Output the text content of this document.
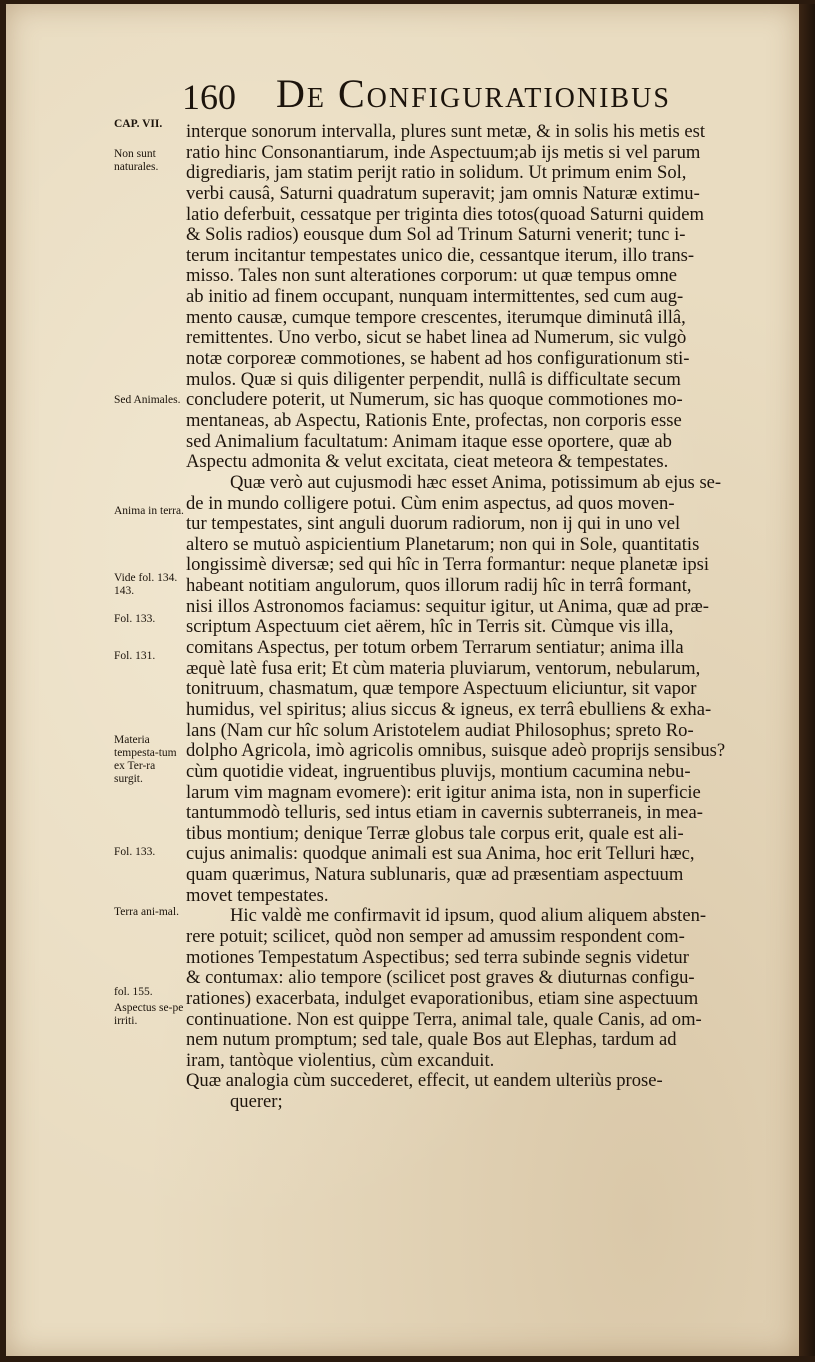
160 De Configurationibus
CAP. VII.
Non sunt naturales.
Sed Animales.
Anima in terra.
Vide fol. 134. 143.
Fol. 133.
Fol. 131.
Materia tempesta-tum ex Ter-ra surgit.
Fol. 133.
Terra ani-mal.
fol. 155.
Aspectus se-pe irriti.
interque sonorum intervalla, plures sunt metæ, & in solis his metis est
ratio hinc Consonantiarum, inde Aspectuum;ab ijs metis si vel parum
digrediaris, jam statim perijt ratio in solidum. Ut primum enim Sol,
verbi causâ, Saturni quadratum superavit; jam omnis Naturæ extimu-
latio deferbuit, cessatque per triginta dies totos(quoad Saturni quidem
& Solis radios) eousque dum Sol ad Trinum Saturni venerit; tunc i-
terum incitantur tempestates unico die, cessantque iterum, illo trans-
misso. Tales non sunt alterationes corporum: ut quæ tempus omne
ab initio ad finem occupant, nunquam intermittentes, sed cum aug-
mento causæ, cumque tempore crescentes, iterumque diminutâ illâ,
remittentes. Uno verbo, sicut se habet linea ad Numerum, sic vulgò
notæ corporeæ commotiones, se habent ad hos configurationum sti-
mulos. Quæ si quis diligenter perpendit, nullâ is difficultate secum
concludere poterit, ut Numerum, sic has quoque commotiones mo-
mentaneas, ab Aspectu, Rationis Ente, profectas, non corporis esse
sed Animalium facultatum: Animam itaque esse oportere, quæ ab
Aspectu admonita & velut excitata, cieat meteora & tempestates.
Quæ verò aut cujusmodi hæc esset Anima, potissimum ab ejus se-
de in mundo colligere potui. Cùm enim aspectus, ad quos moven-
tur tempestates, sint anguli duorum radiorum, non ij qui in uno vel
altero se mutuò aspicientium Planetarum; non qui in Sole, quantitatis
longissimè diversæ; sed qui hîc in Terra formantur: neque planetæ ipsi
habeant notitiam angulorum, quos illorum radij hîc in terrâ formant,
nisi illos Astronomos faciamus: sequitur igitur, ut Anima, quæ ad præ-
scriptum Aspectuum ciet aërem, hîc in Terris sit. Cùmque vis illa,
comitans Aspectus, per totum orbem Terrarum sentiatur; anima illa
æquè latè fusa erit; Et cùm materia pluviarum, ventorum, nebularum,
tonitruum, chasmatum, quæ tempore Aspectuum eliciuntur, sit vapor
humidus, vel spiritus; alius siccus & igneus, ex terrâ ebulliens & exha-
lans (Nam cur hîc solum Aristotelem audiat Philosophus; spreto Ro-
dolpho Agricola, imò agricolis omnibus, suisque adeò proprijs sensibus?
cùm quotidie videat, ingruentibus pluvijs, montium cacumina nebu-
larum vim magnam evomere): erit igitur anima ista, non in superficie
tantummodò telluris, sed intus etiam in cavernis subterraneis, in mea-
tibus montium; denique Terræ globus tale corpus erit, quale est ali-
cujus animalis: quodque animali est sua Anima, hoc erit Telluri hæc,
quam quærimus, Natura sublunaris, quæ ad præsentiam aspectuum
movet tempestates.
Hic valdè me confirmavit id ipsum, quod alium aliquem absten-
rere potuit; scilicet, quòd non semper ad amussim respondent com-
motiones Tempestatum Aspectibus; sed terra subinde segnis videtur
& contumax: alio tempore (scilicet post graves & diuturnas configu-
rationes) exacerbata, indulget evaporationibus, etiam sine aspectuum
continuatione. Non est quippe Terra, animal tale, quale Canis, ad om-
nem nutum promptum; sed tale, quale Bos aut Elephas, tardum ad
iram, tantòque violentius, cùm excanduit.
Quæ analogia cùm succederet, effecit, ut eandem ulteriùs prose-
querer;
